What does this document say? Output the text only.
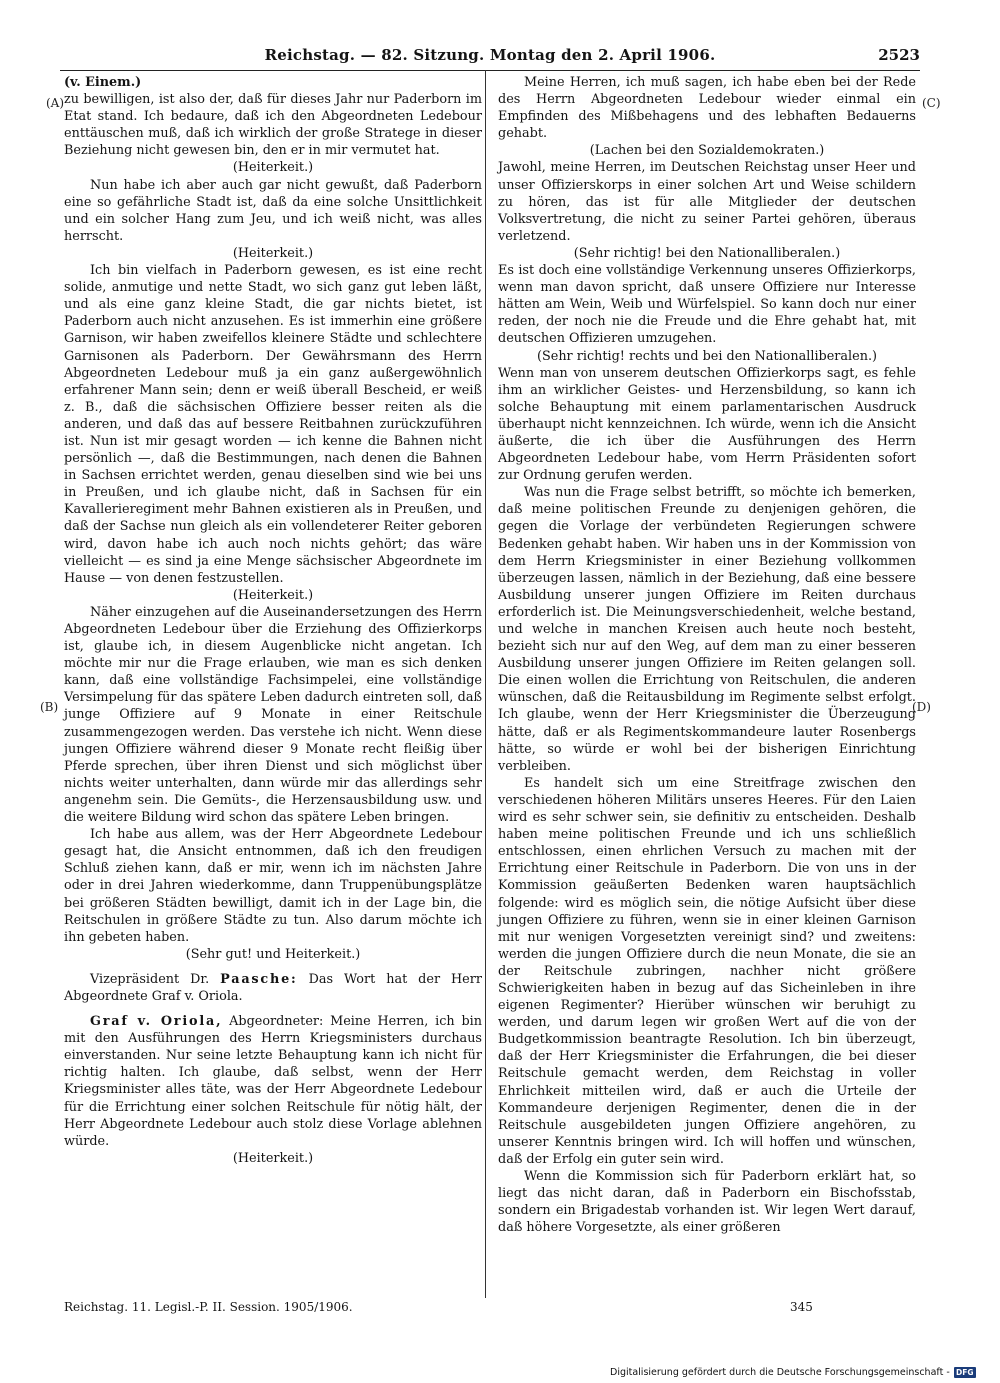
Reichstag. — 82. Sitzung. Montag den 2. April 1906.	2523
(A)
(B)
(C)
(D)

(v. Einem.)

zu bewilligen, ist also der, daß für dieses Jahr nur Paderborn im Etat stand. Ich bedaure, daß ich den Abgeordneten Ledebour enttäuschen muß, daß ich wirklich der große Stratege in dieser Beziehung nicht gewesen bin, den er in mir vermutet hat.

(Heiterkeit.)

Nun habe ich aber auch gar nicht gewußt, daß Paderborn eine so gefährliche Stadt ist, daß da eine solche Unsittlichkeit und ein solcher Hang zum Jeu, und ich weiß nicht, was alles herrscht.

(Heiterkeit.)

Ich bin vielfach in Paderborn gewesen, es ist eine recht solide, anmutige und nette Stadt, wo sich ganz gut leben läßt, und als eine ganz kleine Stadt, die gar nichts bietet, ist Paderborn auch nicht anzusehen. Es ist immerhin eine größere Garnison, wir haben zweifellos kleinere Städte und schlechtere Garnisonen als Paderborn. Der Gewährsmann des Herrn Abgeordneten Ledebour muß ja ein ganz außergewöhnlich erfahrener Mann sein; denn er weiß überall Bescheid, er weiß z. B., daß die sächsischen Offiziere besser reiten als die anderen, und daß das auf bessere Reitbahnen zurückzuführen ist. Nun ist mir gesagt worden — ich kenne die Bahnen nicht persönlich —, daß die Bestimmungen, nach denen die Bahnen in Sachsen errichtet werden, genau dieselben sind wie bei uns in Preußen, und ich glaube nicht, daß in Sachsen für ein Kavallerieregiment mehr Bahnen existieren als in Preußen, und daß der Sachse nun gleich als ein vollendeterer Reiter geboren wird, davon habe ich auch noch nichts gehört; das wäre vielleicht — es sind ja eine Menge sächsischer Abgeordnete im Hause — von denen festzustellen.

(Heiterkeit.)

Näher einzugehen auf die Auseinandersetzungen des Herrn Abgeordneten Ledebour über die Erziehung des Offizierkorps ist, glaube ich, in diesem Augenblicke nicht angetan. Ich möchte mir nur die Frage erlauben, wie man es sich denken kann, daß eine vollständige Fachsimpelei, eine vollständige Versimpelung für das spätere Leben dadurch eintreten soll, daß junge Offiziere auf 9 Monate in einer Reitschule zusammengezogen werden. Das verstehe ich nicht. Wenn diese jungen Offiziere während dieser 9 Monate recht fleißig über Pferde sprechen, über ihren Dienst und sich möglichst über nichts weiter unterhalten, dann würde mir das allerdings sehr angenehm sein. Die Gemüts-, die Herzensausbildung usw. und die weitere Bildung wird schon das spätere Leben bringen.

Ich habe aus allem, was der Herr Abgeordnete Ledebour gesagt hat, die Ansicht entnommen, daß ich den freudigen Schluß ziehen kann, daß er mir, wenn ich im nächsten Jahre oder in drei Jahren wiederkomme, dann Truppenübungsplätze bei größeren Städten bewilligt, damit ich in der Lage bin, die Reitschulen in größere Städte zu tun. Also darum möchte ich ihn gebeten haben.

(Sehr gut! und Heiterkeit.)

Vizepräsident Dr. Paasche: Das Wort hat der Herr Abgeordnete Graf v. Oriola.

Graf v. Oriola, Abgeordneter: Meine Herren, ich bin mit den Ausführungen des Herrn Kriegsministers durchaus einverstanden. Nur seine letzte Behauptung kann ich nicht für richtig halten. Ich glaube, daß selbst, wenn der Herr Kriegsminister alles täte, was der Herr Abgeordnete Ledebour für die Errichtung einer solchen Reitschule für nötig hält, der Herr Abgeordnete Ledebour auch stolz diese Vorlage ablehnen würde.

(Heiterkeit.)

Meine Herren, ich muß sagen, ich habe eben bei der Rede des Herrn Abgeordneten Ledebour wieder einmal ein Empfinden des Mißbehagens und des lebhaften Bedauerns gehabt.

(Lachen bei den Sozialdemokraten.)

Jawohl, meine Herren, im Deutschen Reichstag unser Heer und unser Offizierskorps in einer solchen Art und Weise schildern zu hören, das ist für alle Mitglieder der deutschen Volksvertretung, die nicht zu seiner Partei gehören, überaus verletzend.

(Sehr richtig! bei den Nationalliberalen.)

Es ist doch eine vollständige Verkennung unseres Offizierkorps, wenn man davon spricht, daß unsere Offiziere nur Interesse hätten am Wein, Weib und Würfelspiel. So kann doch nur einer reden, der noch nie die Freude und die Ehre gehabt hat, mit deutschen Offizieren umzugehen.

(Sehr richtig! rechts und bei den Nationalliberalen.)

Wenn man von unserem deutschen Offizierkorps sagt, es fehle ihm an wirklicher Geistes- und Herzensbildung, so kann ich solche Behauptung mit einem parlamentarischen Ausdruck überhaupt nicht kennzeichnen. Ich würde, wenn ich die Ansicht äußerte, die ich über die Ausführungen des Herrn Abgeordneten Ledebour habe, vom Herrn Präsidenten sofort zur Ordnung gerufen werden.

Was nun die Frage selbst betrifft, so möchte ich bemerken, daß meine politischen Freunde zu denjenigen gehören, die gegen die Vorlage der verbündeten Regierungen schwere Bedenken gehabt haben. Wir haben uns in der Kommission von dem Herrn Kriegsminister in einer Beziehung vollkommen überzeugen lassen, nämlich in der Beziehung, daß eine bessere Ausbildung unserer jungen Offiziere im Reiten durchaus erforderlich ist. Die Meinungsverschiedenheit, welche bestand, und welche in manchen Kreisen auch heute noch besteht, bezieht sich nur auf den Weg, auf dem man zu einer besseren Ausbildung unserer jungen Offiziere im Reiten gelangen soll. Die einen wollen die Errichtung von Reitschulen, die anderen wünschen, daß die Reitausbildung im Regimente selbst erfolgt. Ich glaube, wenn der Herr Kriegsminister die Überzeugung hätte, daß er als Regimentskommandeure lauter Rosenbergs hätte, so würde er wohl bei der bisherigen Einrichtung verbleiben.

Es handelt sich um eine Streitfrage zwischen den verschiedenen höheren Militärs unseres Heeres. Für den Laien wird es sehr schwer sein, sie definitiv zu entscheiden. Deshalb haben meine politischen Freunde und ich uns schließlich entschlossen, einen ehrlichen Versuch zu machen mit der Errichtung einer Reitschule in Paderborn. Die von uns in der Kommission geäußerten Bedenken waren hauptsächlich folgende: wird es möglich sein, die nötige Aufsicht über diese jungen Offiziere zu führen, wenn sie in einer kleinen Garnison mit nur wenigen Vorgesetzten vereinigt sind? und zweitens: werden die jungen Offiziere durch die neun Monate, die sie an der Reitschule zubringen, nachher nicht größere Schwierigkeiten haben in bezug auf das Sicheinleben in ihre eigenen Regimenter? Hierüber wünschen wir beruhigt zu werden, und darum legen wir großen Wert auf die von der Budgetkommission beantragte Resolution. Ich bin überzeugt, daß der Herr Kriegsminister die Erfahrungen, die bei dieser Reitschule gemacht werden, dem Reichstag in voller Ehrlichkeit mitteilen wird, daß er auch die Urteile der Kommandeure derjenigen Regimenter, denen die in der Reitschule ausgebildeten jungen Offiziere angehören, zu unserer Kenntnis bringen wird. Ich will hoffen und wünschen, daß der Erfolg ein guter sein wird.

Wenn die Kommission sich für Paderborn erklärt hat, so liegt das nicht daran, daß in Paderborn ein Bischofsstab, sondern ein Brigadestab vorhanden ist. Wir legen Wert darauf, daß höhere Vorgesetzte, als einer größeren

Reichstag. 11. Legisl.-P. II. Session. 1905/1906.	345
Digitalisierung gefördert durch die Deutsche Forschungsgemeinschaft - DFG
